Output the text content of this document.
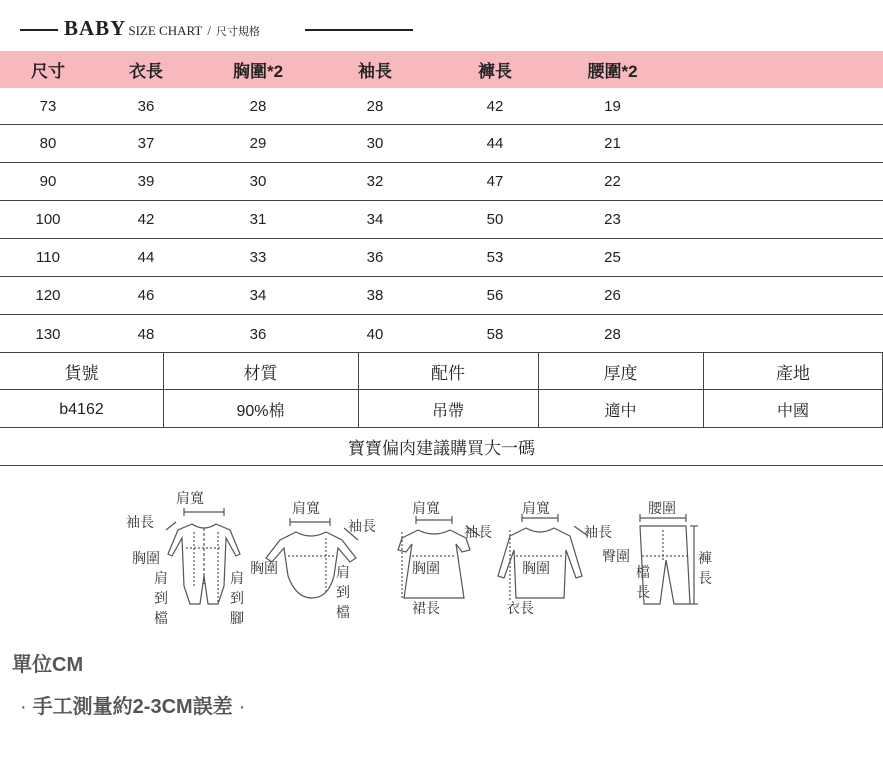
BABY SIZE CHART / 尺寸規格
尺寸	衣長	胸圍*2	袖長	褲長	腰圍*2
73	36	28	28	42	19
80	37	29	30	44	21
90	39	30	32	47	22
100	42	31	34	50	23
110	44	33	36	53	25
120	46	34	38	56	26
130	48	36	40	58	28
貨號	材質	配件	厚度	產地
b4162	90%棉	吊帶	適中	中國
寶寶偏肉建議購買大一碼
肩寬
袖長
胸圍
肩
到
檔
肩
到
腳
肩寬
袖長
胸圍	肩
到
檔
肩寬
袖長
胸圍
裙長
肩寬
袖長
胸圍
衣長
腰圍
臀圍
檔
長
褲
長
單位CM
· 手工測量約2-3CM誤差 ·
